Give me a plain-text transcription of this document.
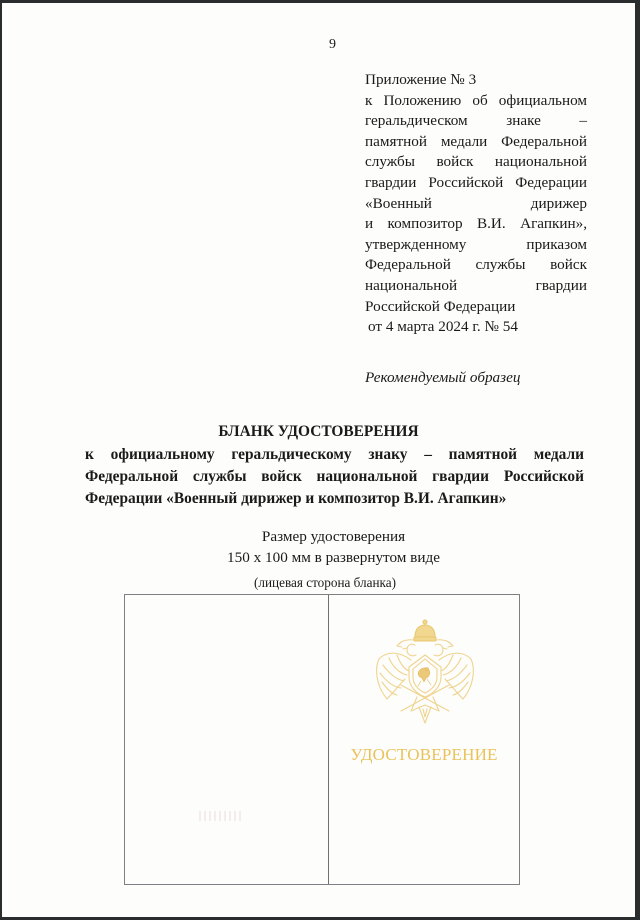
9
Приложение № 3
к Положению об официальном
геральдическом знаке –
памятной медали Федеральной
службы войск национальной
гвардии Российской Федерации
«Военный дирижер
и композитор В.И. Агапкин»,
утвержденному приказом
Федеральной службы войск
национальной гвардии
Российской Федерации
от 4 марта 2024 г. № 54
Рекомендуемый образец
БЛАНК УДОСТОВЕРЕНИЯ
к официальному геральдическому знаку – памятной медали
Федеральной службы войск национальной гвардии Российской
Федерации «Военный дирижер и композитор В.И. Агапкин»
Размер удостоверения
150 х 100 мм в развернутом виде
(лицевая сторона бланка)
УДОСТОВЕРЕНИЕ
